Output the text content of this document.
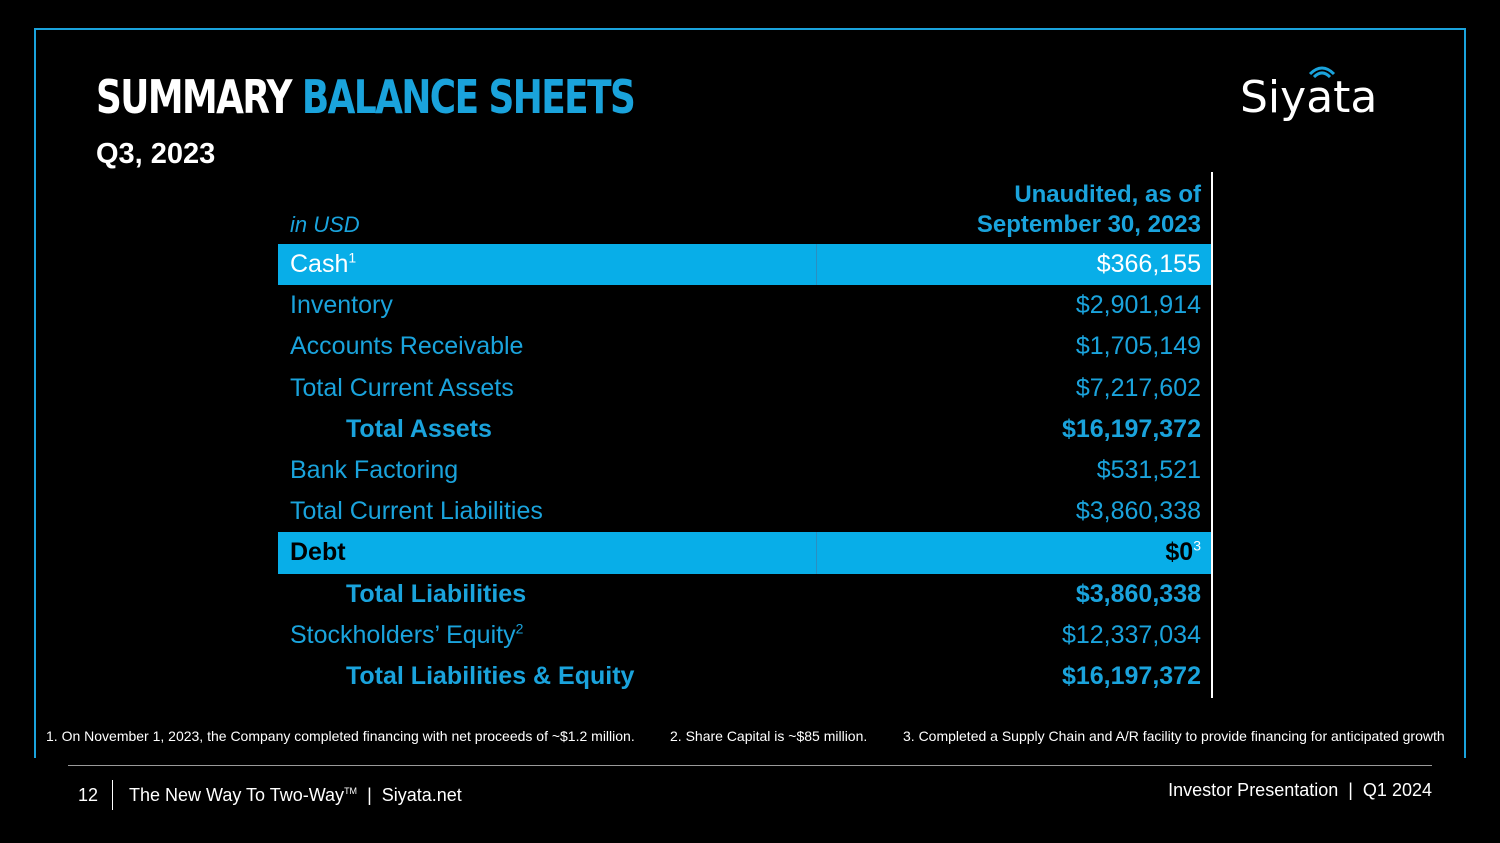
SUMMARY BALANCE SHEETS
Q3, 2023
Siyata
in USD
Unaudited, as of
September 30, 2023
Cash$^1$	$366,155
Inventory	$2,901,914
Accounts Receivable	$1,705,149
Total Current Assets	$7,217,602
Total Assets	$16,197,372
Bank Factoring	$531,521
Total Current Liabilities	$3,860,338
Debt	$\$0^3$
Total Liabilities	$3,860,338
Stockholders’ Equity$^2$	$12,337,034
Total Liabilities & Equity	$16,197,372
1. On November 1, 2023, the Company completed financing with net proceeds of ~$1.2 million.	2. Share Capital is ~$85 million.	3. Completed a Supply Chain and A/R facility to provide financing for anticipated growth
12	The New Way To Two-Way™  |  Siyata.net	Investor Presentation  |  Q1 2024
